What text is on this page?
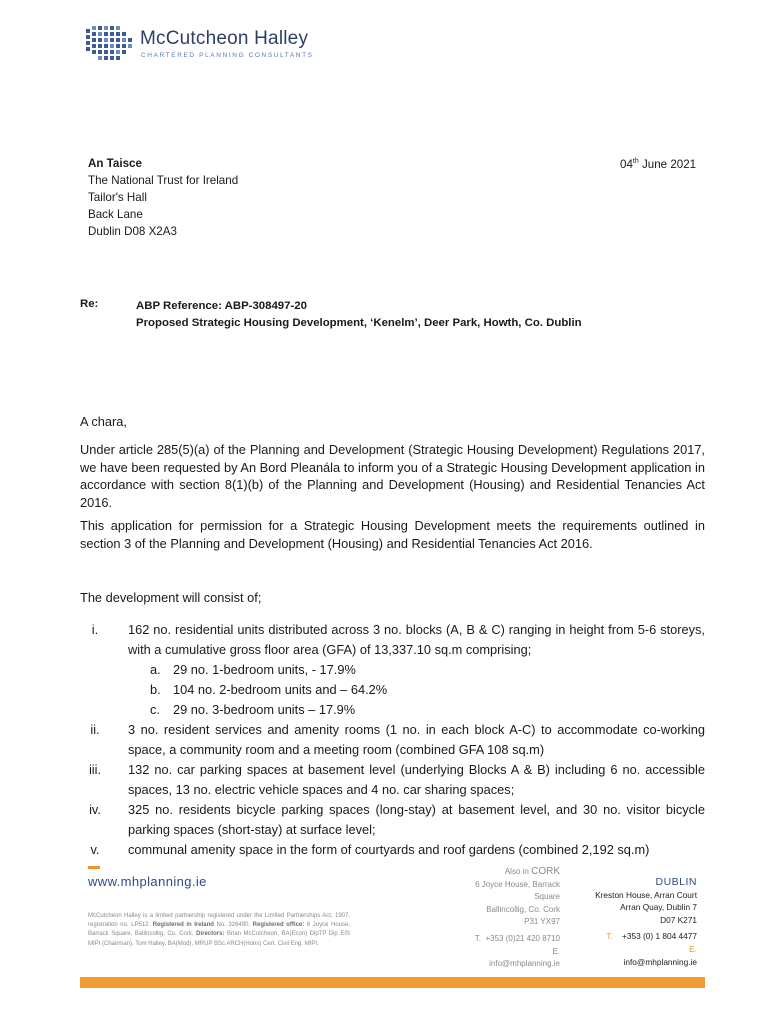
McCutcheon Halley
CHARTERED PLANNING CONSULTANTS
An Taisce
The National Trust for Ireland
Tailor's Hall
Back Lane
Dublin D08 X2A3
04th June 2021
Re:	ABP Reference: ABP-308497-20
Proposed Strategic Housing Development, ‘Kenelm’, Deer Park, Howth, Co. Dublin
A chara,
Under article 285(5)(a) of the Planning and Development (Strategic Housing Development) Regulations 2017, we have been requested by An Bord Pleanála to inform you of a Strategic Housing Development application in accordance with section 8(1)(b) of the Planning and Development (Housing) and Residential Tenancies Act 2016.
This application for permission for a Strategic Housing Development meets the requirements outlined in section 3 of the Planning and Development (Housing) and Residential Tenancies Act 2016.
The development will consist of;
i.	162 no. residential units distributed across 3 no. blocks (A, B & C) ranging in height from 5-6 storeys, with a cumulative gross floor area (GFA) of 13,337.10 sq.m comprising;
a. 29 no. 1-bedroom units, - 17.9%
b. 104 no. 2-bedroom units and – 64.2%
c. 29 no. 3-bedroom units – 17.9%
ii.	3 no. resident services and amenity rooms (1 no. in each block A-C) to accommodate co-working space, a community room and a meeting room (combined GFA 108 sq.m)
iii.	132 no. car parking spaces at basement level (underlying Blocks A & B) including 6 no. accessible spaces, 13 no. electric vehicle spaces and 4 no. car sharing spaces;
iv.	325 no. residents bicycle parking spaces (long-stay) at basement level, and 30 no. visitor bicycle parking spaces (short-stay) at surface level;
v.	communal amenity space in the form of courtyards and roof gardens (combined 2,192 sq.m)
www.mhplanning.ie
McCutcheon Halley is a limited partnership registered under the Limited Partnerships Act, 1907, registration no. LP512. Registered in Ireland No. 326490. Registered office: 6 Joyce House, Barrack Square, Ballincollig, Co. Cork. Directors: Brian McCutcheon, BA(Econ) DipTP Dip EIS MIPI (Chairman). Tom Halley, BA(Mod), MRUP BSc ARCH(Hons) Cert. Civil Eng. MIPI.
Also in CORK
6 Joyce House, Barrack
Square
Ballincollig, Co. Cork
P31 YX97
T. +353 (0)21 420 8710
E.
info@mhplanning.ie
DUBLIN
Kreston House, Arran Court
Arran Quay, Dublin 7
D07 K271
T. +353 (0) 1 804 4477
E.
info@mhplanning.ie
